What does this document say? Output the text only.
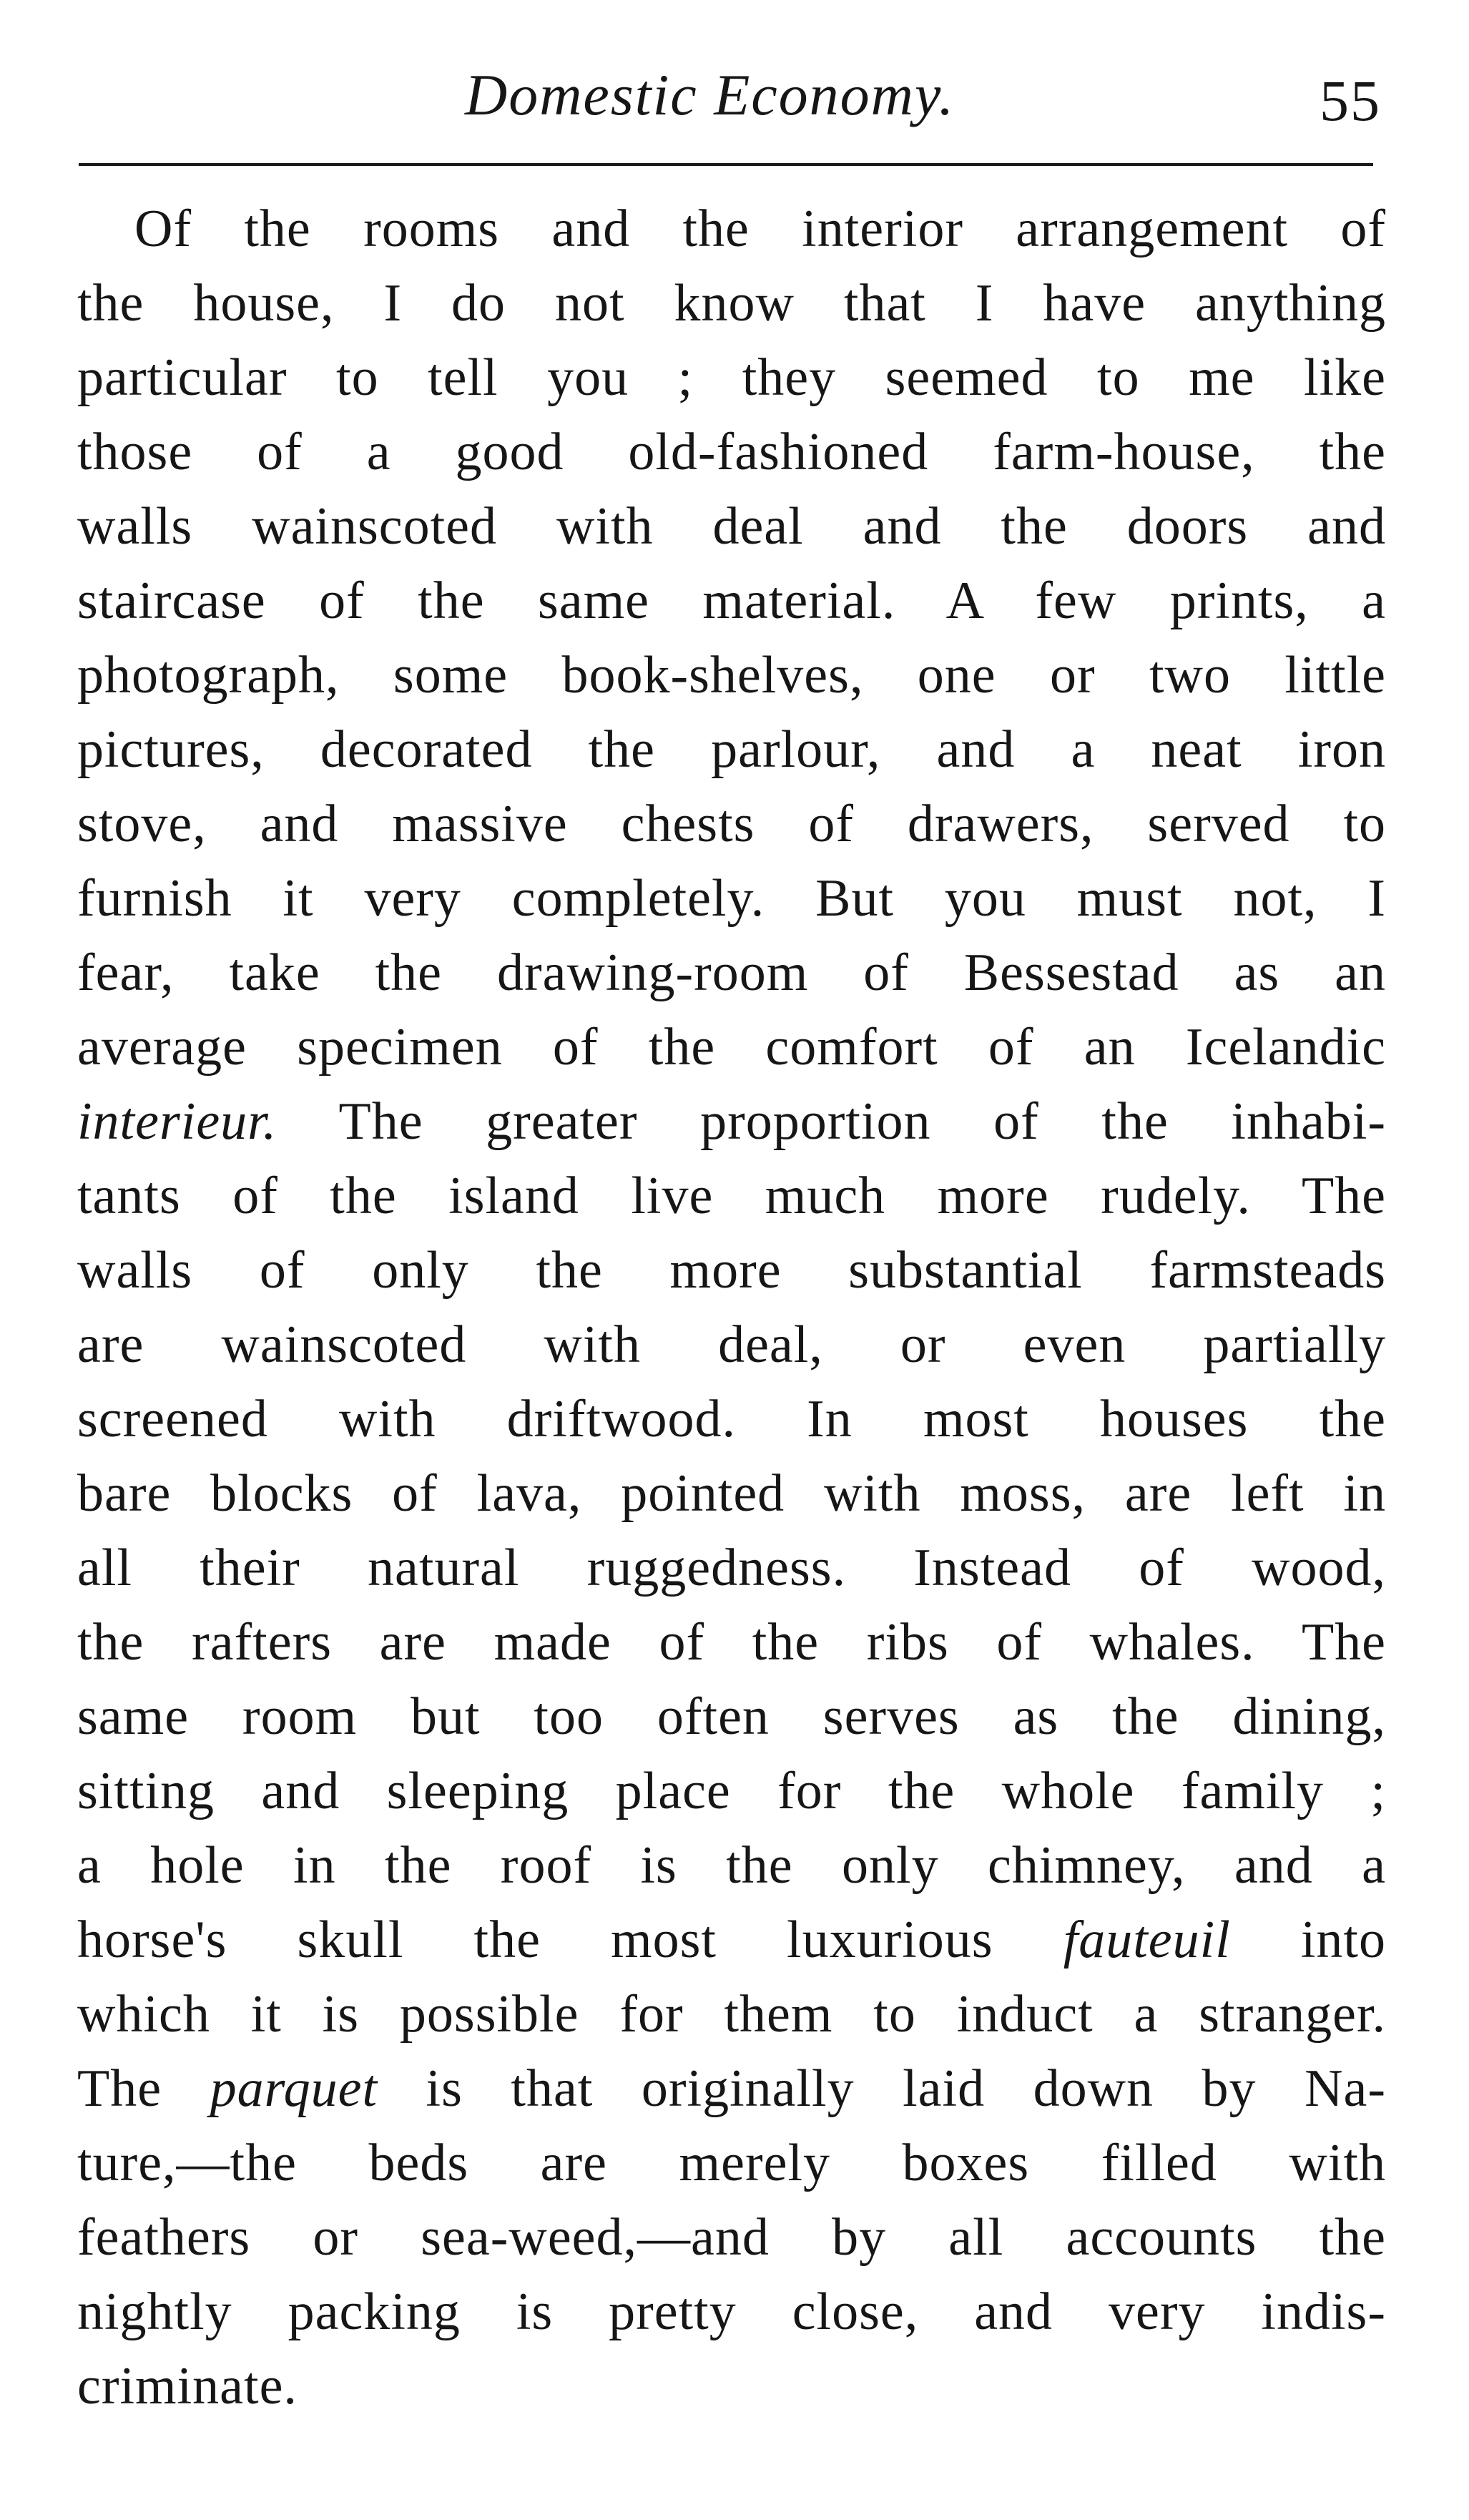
Domestic Economy.	55
Of the rooms and the interior arrangement of
the house, I do not know that I have anything
particular to tell you ; they seemed to me like
those of a good old-fashioned farm-house, the
walls wainscoted with deal and the doors and
staircase of the same material. A few prints, a
photograph, some book-shelves, one or two little
pictures, decorated the parlour, and a neat iron
stove, and massive chests of drawers, served to
furnish it very completely. But you must not, I
fear, take the drawing-room of Bessestad as an
average specimen of the comfort of an Icelandic
interieur. The greater proportion of the inhabi-
tants of the island live much more rudely. The
walls of only the more substantial farmsteads
are wainscoted with deal, or even partially
screened with driftwood. In most houses the
bare blocks of lava, pointed with moss, are left in
all their natural ruggedness. Instead of wood,
the rafters are made of the ribs of whales. The
same room but too often serves as the dining,
sitting and sleeping place for the whole family ;
a hole in the roof is the only chimney, and a
horse's skull the most luxurious fauteuil into
which it is possible for them to induct a stranger.
The parquet is that originally laid down by Na-
ture,—the beds are merely boxes filled with
feathers or sea-weed,—and by all accounts the
nightly packing is pretty close, and very indis-
criminate.
